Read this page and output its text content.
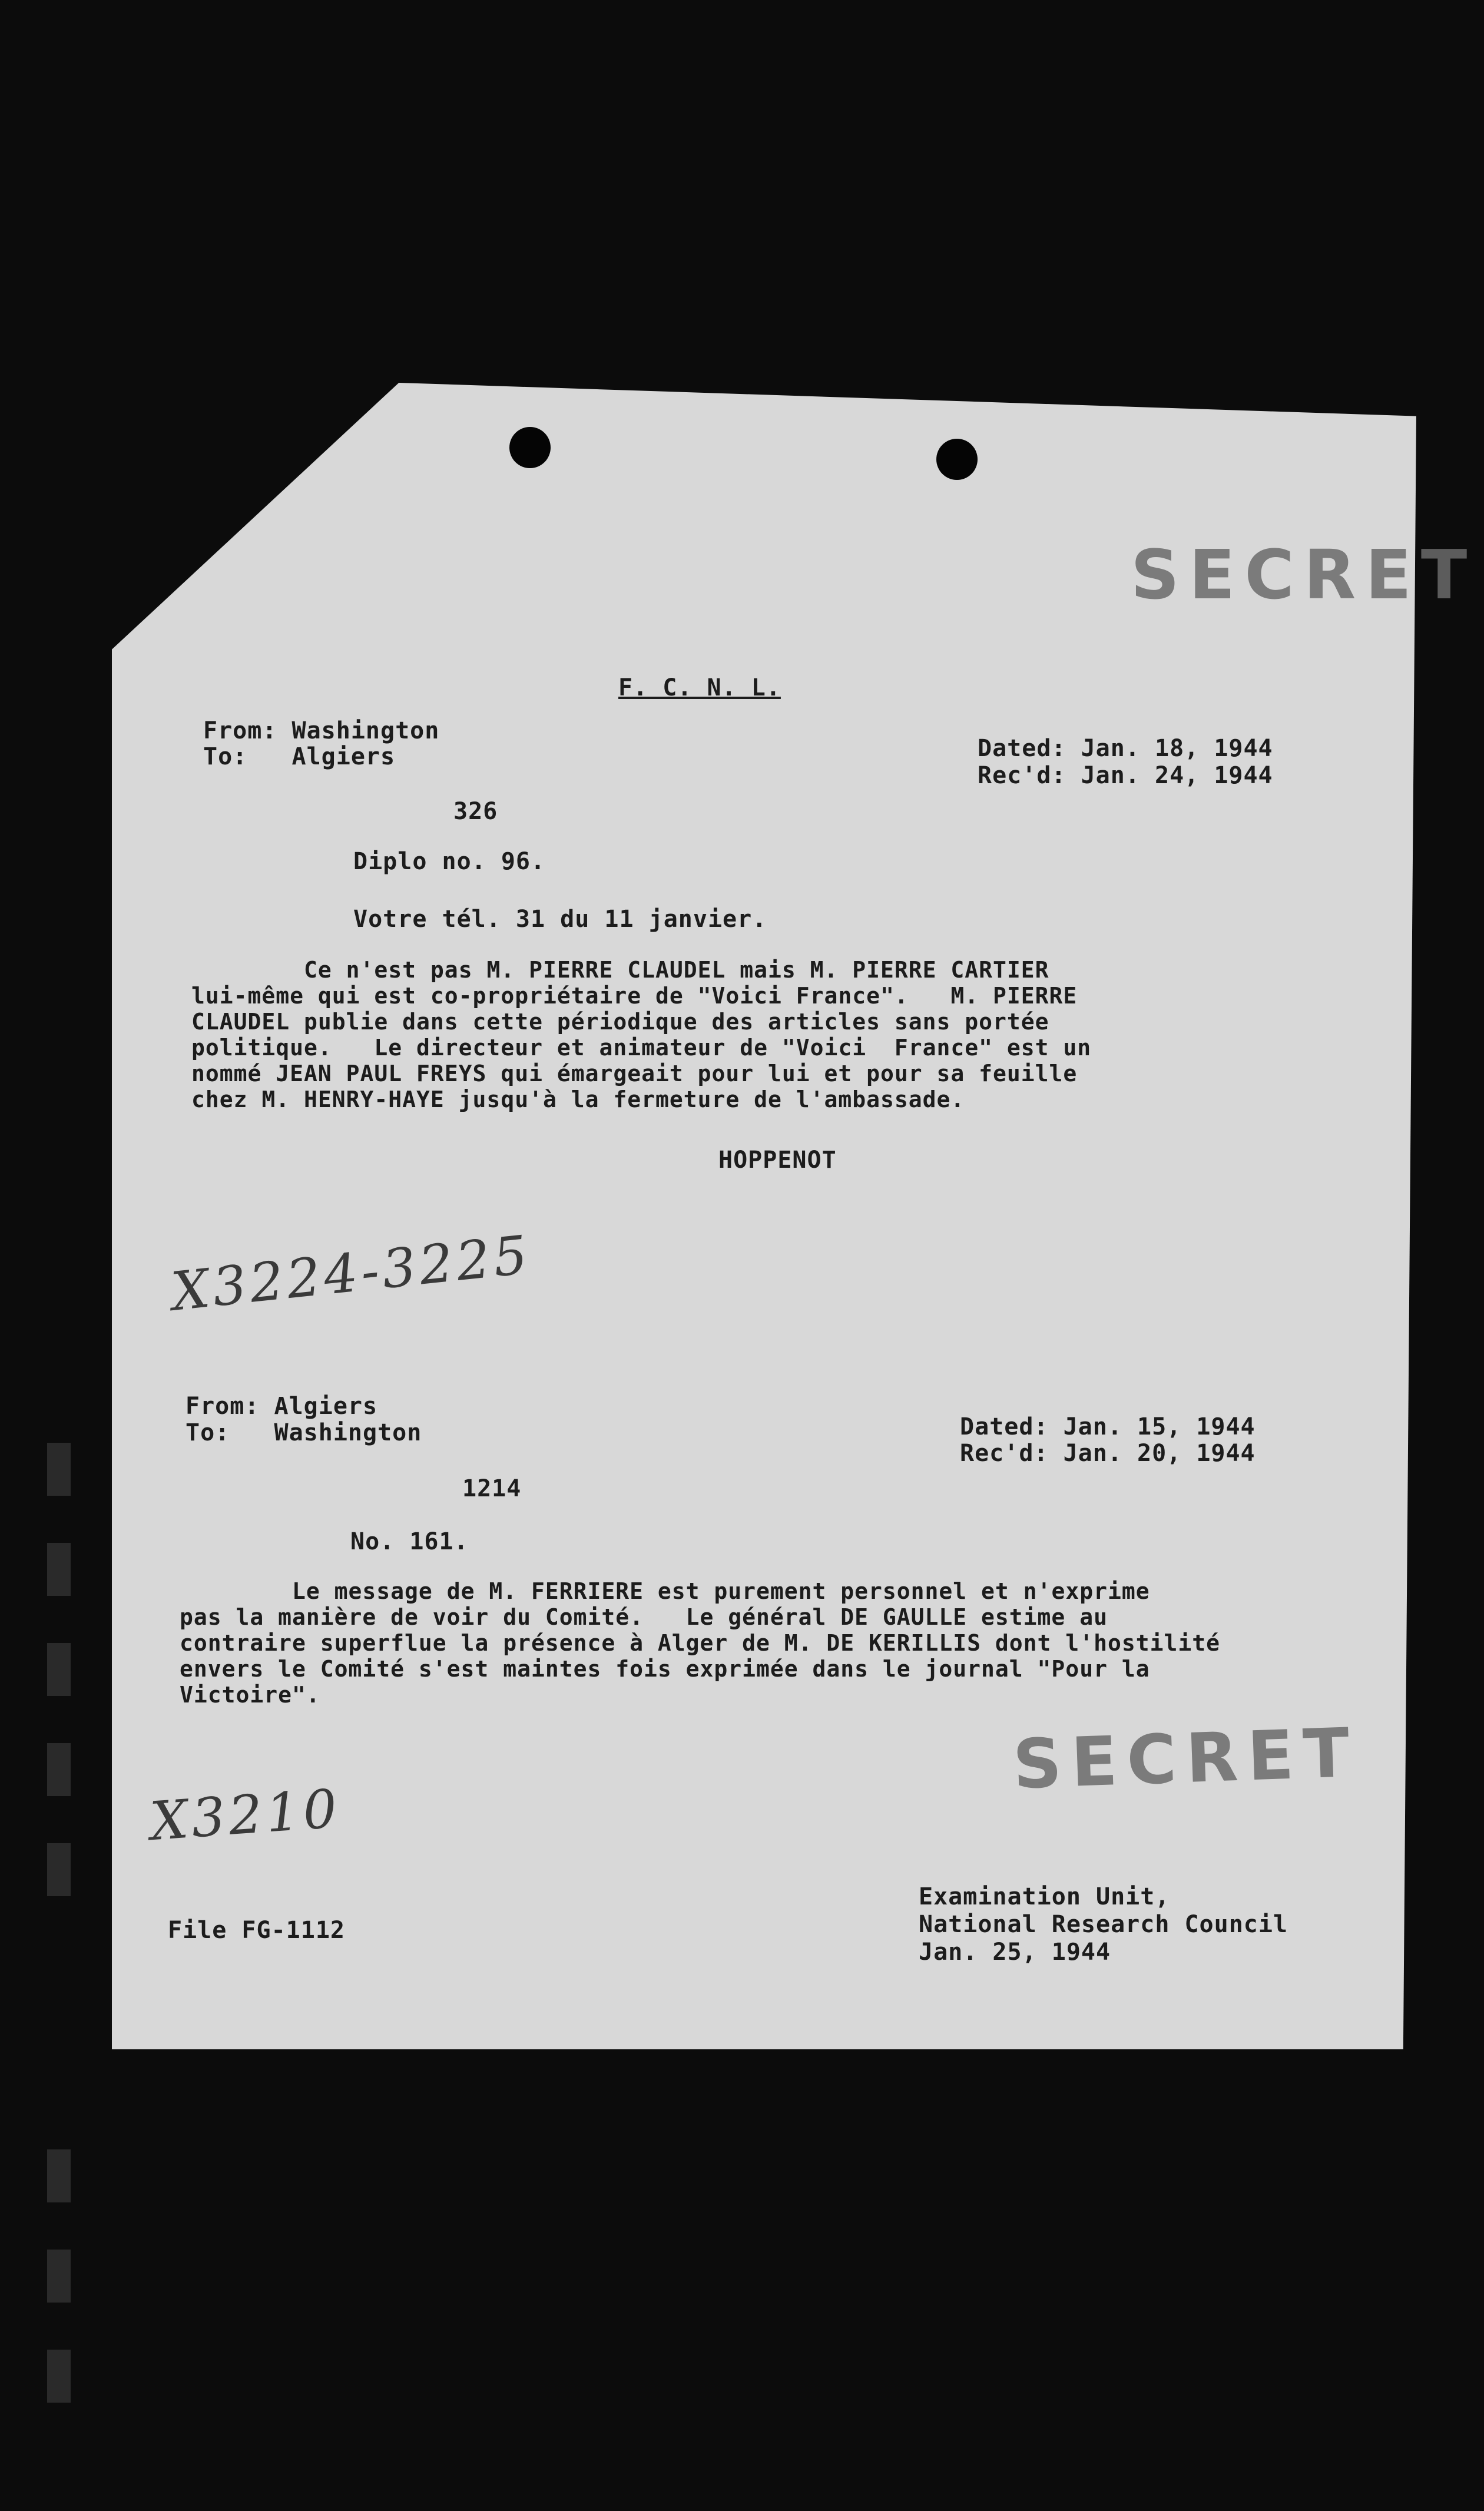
SECRET
SECRET
F. C. N. L.
From: Washington
To:   Algiers	Dated: Jan. 18, 1944
Rec'd: Jan. 24, 1944
326
Diplo no. 96.
Votre tél. 31 du 11 janvier.
Ce n'est pas M. PIERRE CLAUDEL mais M. PIERRE CARTIER
lui-même qui est co-propriétaire de "Voici France".   M. PIERRE
CLAUDEL publie dans cette périodique des articles sans portée
politique.   Le directeur et animateur de "Voici  France" est un
nommé JEAN PAUL FREYS qui émargeait pour lui et pour sa feuille
chez M. HENRY-HAYE jusqu'à la fermeture de l'ambassade.
HOPPENOT
X3224-3225
From: Algiers
To:   Washington	Dated: Jan. 15, 1944
Rec'd: Jan. 20, 1944
1214
No. 161.
Le message de M. FERRIERE est purement personnel et n'exprime
pas la manière de voir du Comité.   Le général DE GAULLE estime au
contraire superflue la présence à Alger de M. DE KERILLIS dont l'hostilité
envers le Comité s'est maintes fois exprimée dans le journal "Pour la
Victoire".
X3210
File FG-1112
Examination Unit,
National Research Council
Jan. 25, 1944
